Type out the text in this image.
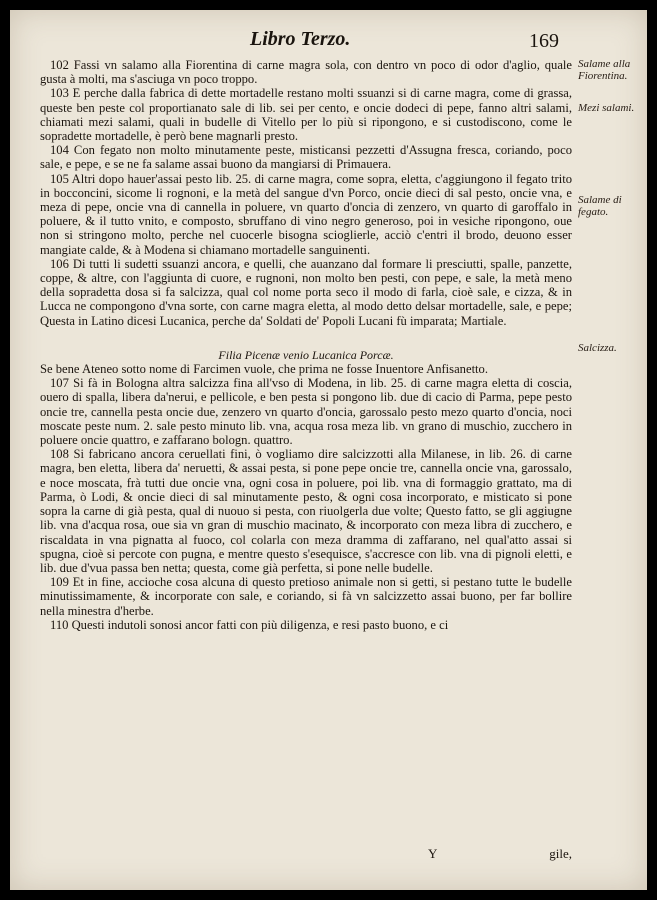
Libro Terzo.	169

102 Fassi vn salamo alla Fiorentina di carne magra sola, con dentro vn poco di odor d'aglio, quale gusta à molti, ma s'asciuga vn poco troppo.

103 E perche dalla fabrica di dette mortadelle restano molti ssuanzi si di carne magra, come di grassa, queste ben peste col proportianato sale di lib. sei per cento, e oncie dodeci di pepe, fanno altri salami, chiamati mezi salami, quali in budelle di Vitello per lo più si ripongono, e si custodiscono, come le sopradette mortadelle, è però bene magnarli presto.

104 Con fegato non molto minutamente peste, misticansi pezzetti d'Assugna fresca, coriando, poco sale, e pepe, e se ne fa salame assai buono da mangiarsi di Primauera.

105 Altri dopo hauer'assai pesto lib. 25. di carne magra, come sopra, eletta, c'aggiungono il fegato trito in bocconcini, sicome li rognoni, e la metà del sangue d'vn Porco, oncie dieci di sal pesto, oncie vna, e meza di pepe, oncie vna di cannella in poluere, vn quarto d'oncia di zenzero, vn quarto di garoffalo in poluere, & il tutto vnito, e composto, sbruffano di vino negro generoso, poi in vesiche ripongono, oue non si stringono molto, perche nel cuocerle bisogna scioglierle, acciò c'entri il brodo, deuono esser mangiate calde, & à Modena si chiamano mortadelle sanguinenti.

106 Di tutti li sudetti ssuanzi ancora, e quelli, che auanzano dal formare li presciutti, spalle, panzette, coppe, & altre, con l'aggiunta di cuore, e rugnoni, non molto ben pesti, con pepe, e sale, la metà meno della sopradetta dosa si fa salcizza, qual col nome porta seco il modo di farla, cioè sale, e cizza, & in Lucca ne compongono d'vna sorte, con carne magra eletta, al modo detto delsar mortadelle, sale, e pepe; Questa in Latino dicesi Lucanica, perche da' Soldati de' Popoli Lucani fù imparata; Martiale.

Filia Picenæ venio Lucanica Porcæ.

Se bene Ateneo sotto nome di Farcimen vuole, che prima ne fosse Inuentore Anfisanetto.

107 Si fà in Bologna altra salcizza fina all'vso di Modena, in lib. 25. di carne magra eletta di coscia, ouero di spalla, libera da'nerui, e pellicole, e ben pesta si pongono lib. due di cacio di Parma, pepe pesto oncie tre, cannella pesta oncie due, zenzero vn quarto d'oncia, garossalo pesto mezo quarto d'oncia, noci moscate peste num. 2. sale pesto minuto lib. vna, acqua rosa meza lib. vn grano di muschio, zucchero in poluere oncie quattro, e zaffarano bologn. quattro.

108 Si fabricano ancora ceruellati fini, ò vogliamo dire salcizzotti alla Milanese, in lib. 26. di carne magra, ben eletta, libera da' neruetti, & assai pesta, si pone pepe oncie tre, cannella oncie vna, garossalo, e noce moscata, frà tutti due oncie vna, ogni cosa in poluere, poi lib. vna di formaggio grattato, ma di Parma, ò Lodi, & oncie dieci di sal minutamente pesto, & ogni cosa incorporato, e misticato si pone sopra la carne di già pesta, qual di nuouo si pesta, con riuolgerla due volte; Questo fatto, se gli aggiugne lib. vna d'acqua rosa, oue sia vn gran di muschio macinato, & incorporato con meza libra di zucchero, e riscaldata in vna pignatta al fuoco, col colarla con meza dramma di zaffarano, nel qual'atto assai si spugna, cioè si percote con pugna, e mentre questo s'esequisce, s'accresce con lib. vna di pignoli eletti, e lib. due d'vua passa ben netta; questa, come già perfetta, si pone nelle budelle.

109 Et in fine, accioche cosa alcuna di questo pretioso animale non si getti, si pestano tutte le budelle minutissimamente, & incorporate con sale, e coriando, si fà vn salcizzetto assai buono, per far bollire nella minestra d'herbe.

110 Questi indutoli sonosi ancor fatti con più diligenza, e resi pasto buono, e ci

Salame alla Fiorentina.
Mezi salami.
Salame di fegato.
Salcizza.
Y	gile,
